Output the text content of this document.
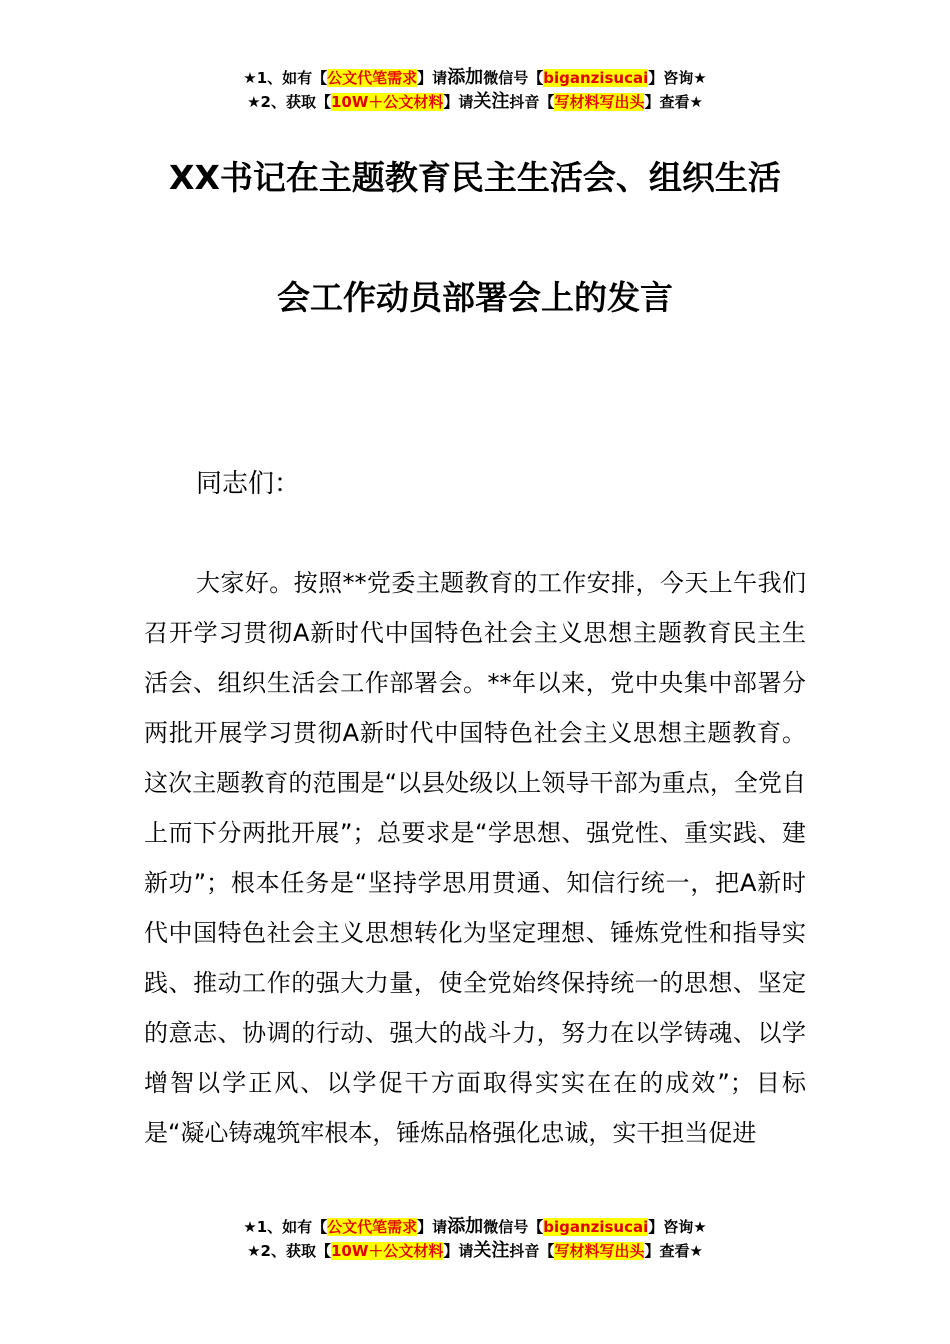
★1、如有【公文代笔需求】请添加微信号【biganzisucai】咨询★
★2、获取【10W＋公文材料】请关注抖音【写材料写出头】查看★
XX书记在主题教育民主生活会、组织生活
会工作动员部署会上的发言
同志们：

大家好。按照**党委主题教育的工作安排，今天上午我们召开学习贯彻A新时代中国特色社会主义思想主题教育民主生活会、组织生活会工作部署会。**年以来，党中央集中部署分两批开展学习贯彻A新时代中国特色社会主义思想主题教育。这次主题教育的范围是“以县处级以上领导干部为重点，全党自上而下分两批开展”；总要求是“学思想、强党性、重实践、建新功”；根本任务是“坚持学思用贯通、知信行统一，把A新时代中国特色社会主义思想转化为坚定理想、锤炼党性和指导实践、推动工作的强大力量，使全党始终保持统一的思想、坚定的意志、协调的行动、强大的战斗力，努力在以学铸魂、以学增智以学正风、以学促干方面取得实实在在的成效”；目标是“凝心铸魂筑牢根本，锤炼品格强化忠诚，实干担当促进

★1、如有【公文代笔需求】请添加微信号【biganzisucai】咨询★
★2、获取【10W＋公文材料】请关注抖音【写材料写出头】查看★
